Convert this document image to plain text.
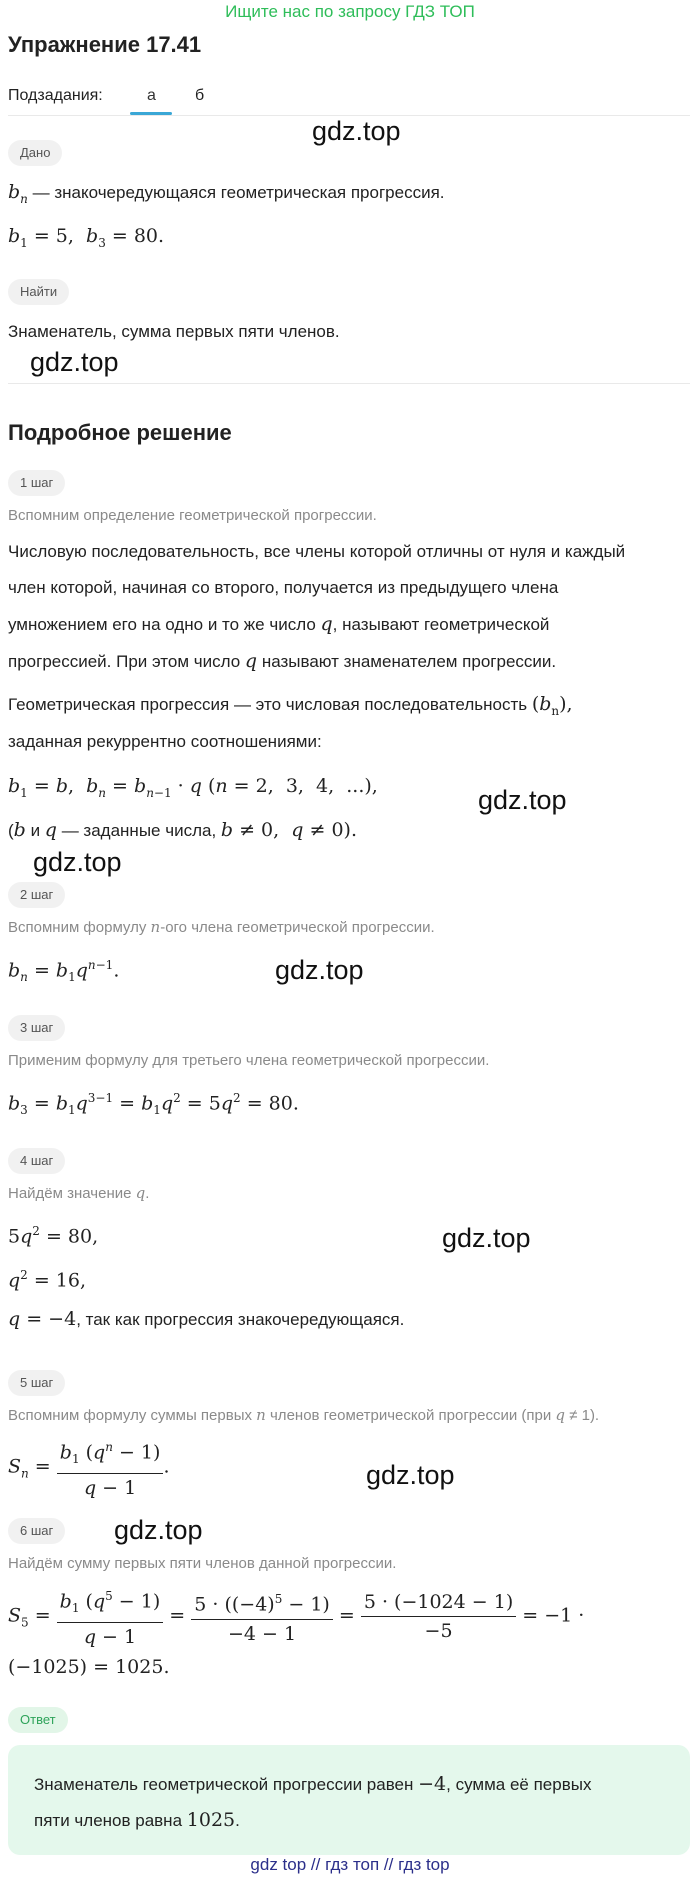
Ищите нас по запросу ГДЗ ТОП
Упражнение 17.41
Подзадания:	а б
gdz.top
Дано
$b_n$ — знакочередующаяся геометрическая прогрессия.
$b_1 = 5$,  $b_3 = 80$.
Найти
Знаменатель, сумма первых пяти членов.
gdz.top
Подробное решение
1 шаг
Вспомним определение геометрической прогрессии.
Числовую последовательность, все члены которой отличны от нуля и каждый
член которой, начиная со второго, получается из предыдущего члена
умножением его на одно и то же число q, называют геометрической
прогрессией. При этом число q называют знаменателем прогрессии.
Геометрическая прогрессия — это числовая последовательность $(b_n)$,
заданная рекуррентно соотношениями:
$b_1 = b$,  $b_n = b_{n-1} \cdot q$ (n = 2,  3,  4,  ...),
(b и q — заданные числа, b ≠ 0,  q ≠ 0).
gdz.top
gdz.top
2 шаг
Вспомним формулу n-ого члена геометрической прогрессии.
$b_n = b_1q^{n-1}$.	gdz.top
3 шаг
Применим формулу для третьего члена геометрической прогрессии.
$b_3 = b_1q^{3-1} = b_1q^2 = 5q^2 = 80$.
4 шаг
Найдём значение q.
$5q^2 = 80$,
$q^2 = 16$,
q = −4, так как прогрессия знакочередующаяся.
gdz.top
5 шаг
Вспомним формулу суммы первых n членов геометрической прогрессии (при q ≠ 1).
$S_n = \frac{b_1 (q^n - 1)}{q - 1}$ .	gdz.top
6 шаг	gdz.top
Найдём сумму первых пяти членов данной прогрессии.
$S_5 = \frac{b_1 (q^5 - 1)}{q - 1} = \frac{5 \cdot ((-4)^5 - 1)}{-4 - 1} = \frac{5 \cdot (-1024 - 1)}{-5} = -1$ ·
(−1025) = 1025.
Ответ
Знаменатель геометрической прогрессии равен −4, сумма её первых
пяти членов равна 1025.
gdz top // гдз топ // гдз top
